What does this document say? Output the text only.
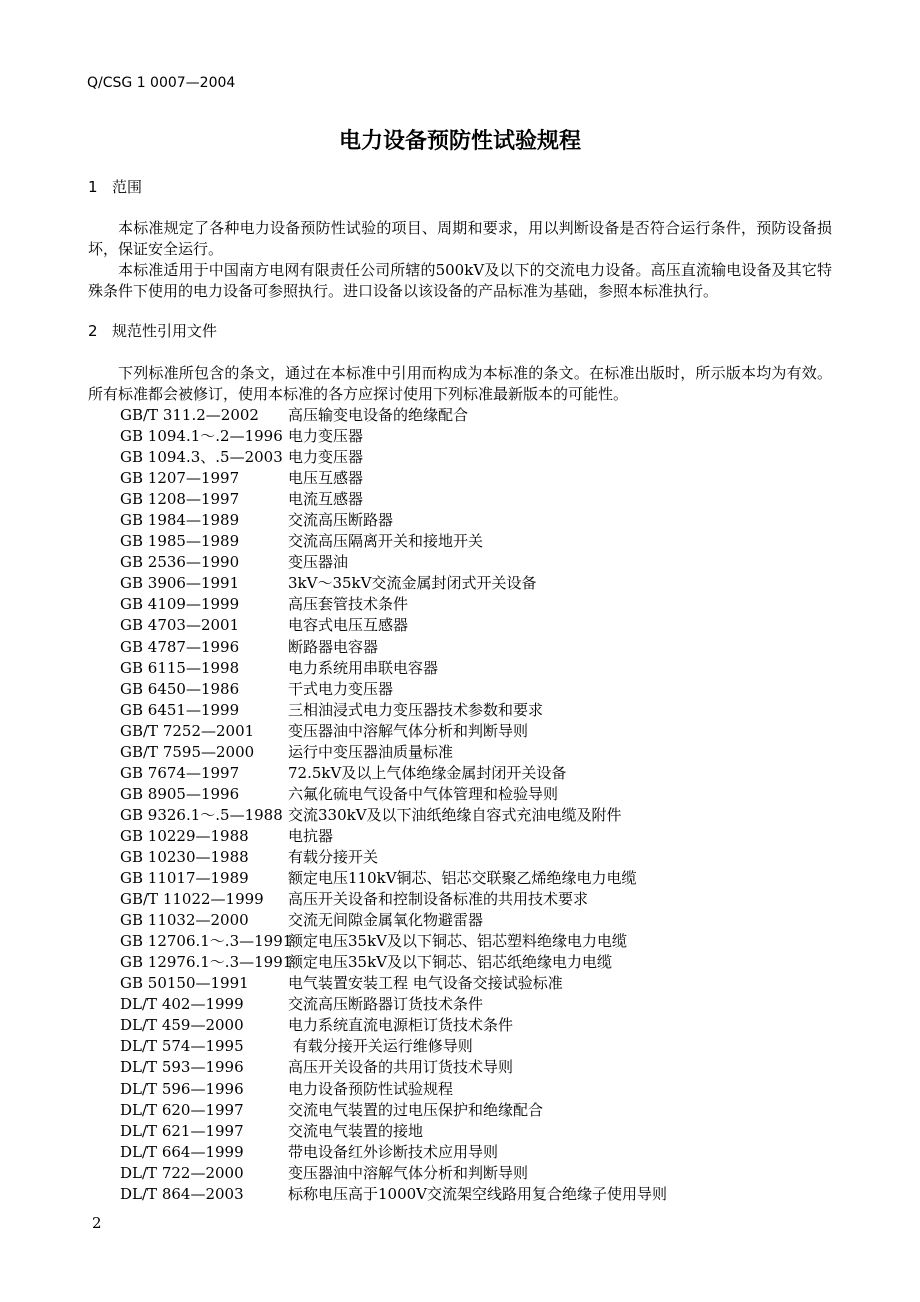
Q/CSG 1 0007—2004
电力设备预防性试验规程
1 范围
本标准规定了各种电力设备预防性试验的项目、周期和要求，用以判断设备是否符合运行条件，预防设备损坏，保证安全运行。
本标准适用于中国南方电网有限责任公司所辖的500kV及以下的交流电力设备。高压直流输电设备及其它特殊条件下使用的电力设备可参照执行。进口设备以该设备的产品标准为基础，参照本标准执行。
2 规范性引用文件
下列标准所包含的条文，通过在本标准中引用而构成为本标准的条文。在标准出版时，所示版本均为有效。所有标准都会被修订，使用本标准的各方应探讨使用下列标准最新版本的可能性。
GB/T 311.2—2002 高压输变电设备的绝缘配合
GB 1094.1～.2—1996 电力变压器
GB 1094.3、.5—2003 电力变压器
GB 1207—1997	电压互感器
GB 1208—1997	电流互感器
GB 1984—1989	交流高压断路器
GB 1985—1989	交流高压隔离开关和接地开关
GB 2536—1990	变压器油
GB 3906—1991	3kV～35kV交流金属封闭式开关设备
GB 4109—1999	高压套管技术条件
GB 4703—2001	电容式电压互感器
GB 4787—1996	断路器电容器
GB 6115—1998	电力系统用串联电容器
GB 6450—1986	干式电力变压器
GB 6451—1999	三相油浸式电力变压器技术参数和要求
GB/T 7252—2001 变压器油中溶解气体分析和判断导则
GB/T 7595—2000 运行中变压器油质量标准
GB 7674—1997	72.5kV及以上气体绝缘金属封闭开关设备
GB 8905—1996	六氟化硫电气设备中气体管理和检验导则
GB 9326.1～.5—1988 交流330kV及以下油纸绝缘自容式充油电缆及附件
GB 10229—1988	电抗器
GB 10230—1988	有载分接开关
GB 11017—1989	额定电压110kV铜芯、铝芯交联聚乙烯绝缘电力电缆
GB/T 11022—1999 高压开关设备和控制设备标准的共用技术要求
GB 11032—2000	交流无间隙金属氧化物避雷器
GB 12706.1～.3—1991额定电压35kV及以下铜芯、铝芯塑料绝缘电力电缆
GB 12976.1～.3—1991额定电压35kV及以下铜芯、铝芯纸绝缘电力电缆
GB 50150—1991	电气装置安装工程 电气设备交接试验标准
DL/T 402—1999	交流高压断路器订货技术条件
DL/T 459—2000	电力系统直流电源柜订货技术条件
DL/T 574—1995	有载分接开关运行维修导则
DL/T 593—1996	高压开关设备的共用订货技术导则
DL/T 596—1996	电力设备预防性试验规程
DL/T 620—1997	交流电气装置的过电压保护和绝缘配合
DL/T 621—1997	交流电气装置的接地
DL/T 664—1999	带电设备红外诊断技术应用导则
DL/T 722—2000	变压器油中溶解气体分析和判断导则
DL/T 864—2003	标称电压高于1000V交流架空线路用复合绝缘子使用导则
2
